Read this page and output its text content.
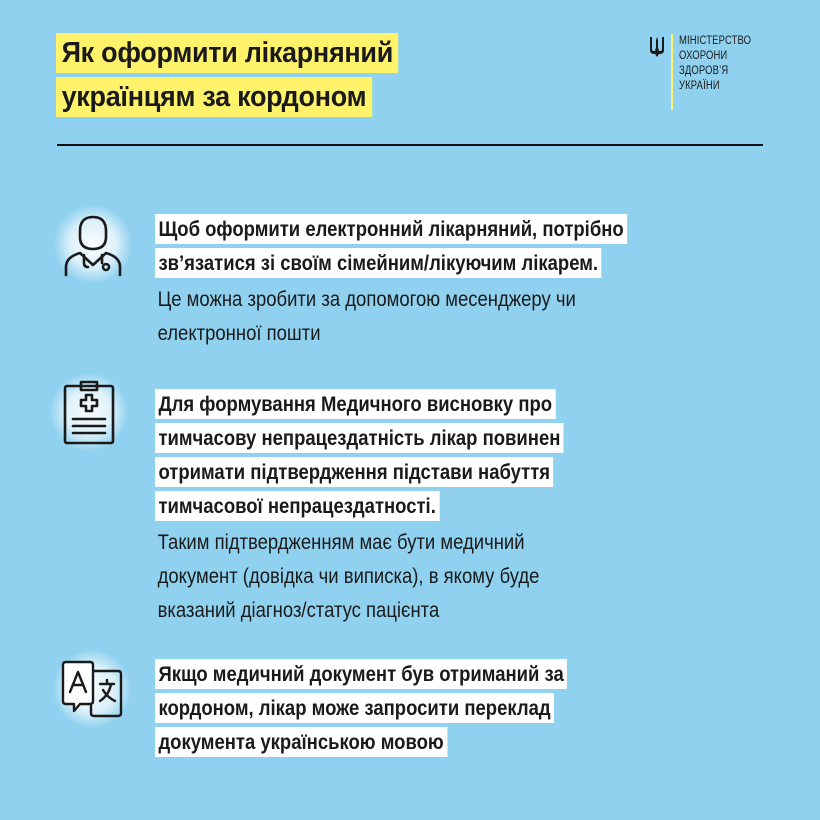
Як оформити лікарняний
українцям за кордоном
МІНІСТЕРСТВО
ОХОРОНИ
ЗДОРОВ’Я
УКРАЇНИ
Щоб оформити електронний лікарняний, потрібно
зв’язатися зі своїм сімейним/лікуючим лікарем.
Це можна зробити за допомогою месенджеру чи
електронної пошти
Для формування Медичного висновку про
тимчасову непрацездатність лікар повинен
отримати підтвердження підстави набуття
тимчасової непрацездатності.
Таким підтвердженням має бути медичний
документ (довідка чи виписка), в якому буде
вказаний діагноз/статус пацієнта
Якщо медичний документ був отриманий за
кордоном, лікар може запросити переклад
документа українською мовою
